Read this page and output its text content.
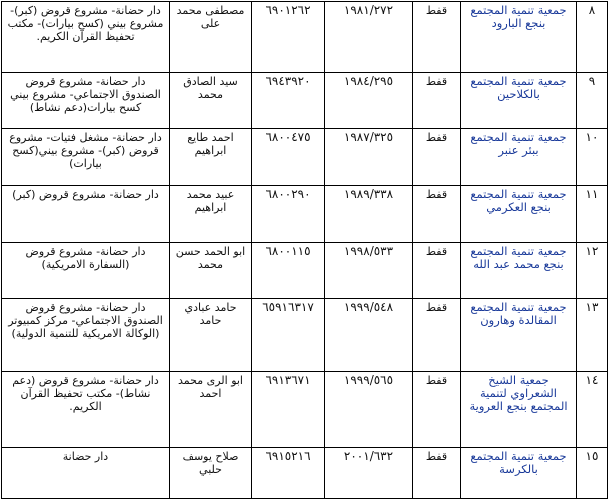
٨	جمعية تنمية المجتمع بنجع البارود	قفط	١٩٨١/٢٧٢	٦٩٠١٢٦٢	مصطفى محمد على	دار حضانة- مشروع قروض (كبر)- مشروع بيني (كسح بيارات)- مكتب تحفيظ القرآن الكريم.
٩	جمعية تنمية المجتمع بالكلاحين	قفط	١٩٨٤/٢٩٥	٦٩٤٣٩٢٠	سيد الصادق محمد	دار حضانة- مشروع قروض الصندوق الاجتماعي- مشروع بيني كسح بيارات(دعم نشاط)
١٠	جمعية تنمية المجتمع ببئر عنبر	قفط	١٩٨٧/٣٢٥	٦٨٠٠٤٧٥	احمد طايع ابراهيم	دار حضانة- مشغل فتيات- مشروع قروض (كبر)- مشروع بيني(كسح بيارات)
١١	جمعية تنمية المجتمع بنجع العكرمي	قفط	١٩٨٩/٣٣٨	٦٨٠٠٢٩٠	عبيد محمد ابراهيم	دار حضانة- مشروع قروض (كبر)
١٢	جمعية تنمية المجتمع بنجع محمد عبد الله	قفط	١٩٩٨/٥٣٣	٦٨٠٠١١٥	ابو الحمد حسن محمد	دار حضانة- مشروع قروض (السفارة الامريكية)
١٣	جمعية تنمية المجتمع المقالدة وهارون	قفط	١٩٩٩/٥٤٨	٦٥٩١٦٣١٧	حامد عبادي حامد	دار حضانة- مشروع قروض الصندوق الاجتماعي- مركز كمبيوتر (الوكالة الامريكية للتنمية الدولية)
١٤	جمعية الشيخ الشعراوي لتنمية المجتمع بنجع العروية	قفط	١٩٩٩/٥٦٥	٦٩١٣٦٧١	ابو الرى محمد احمد	دار حضانة- مشروع قروض (دعم نشاط)- مكتب تحفيظ القرآن الكريم.
١٥	جمعية تنمية المجتمع بالكرسة	قفط	٢٠٠١/٦٣٢	٦٩١٥٢١٦	صلاح يوسف حلبي	دار حضانة
